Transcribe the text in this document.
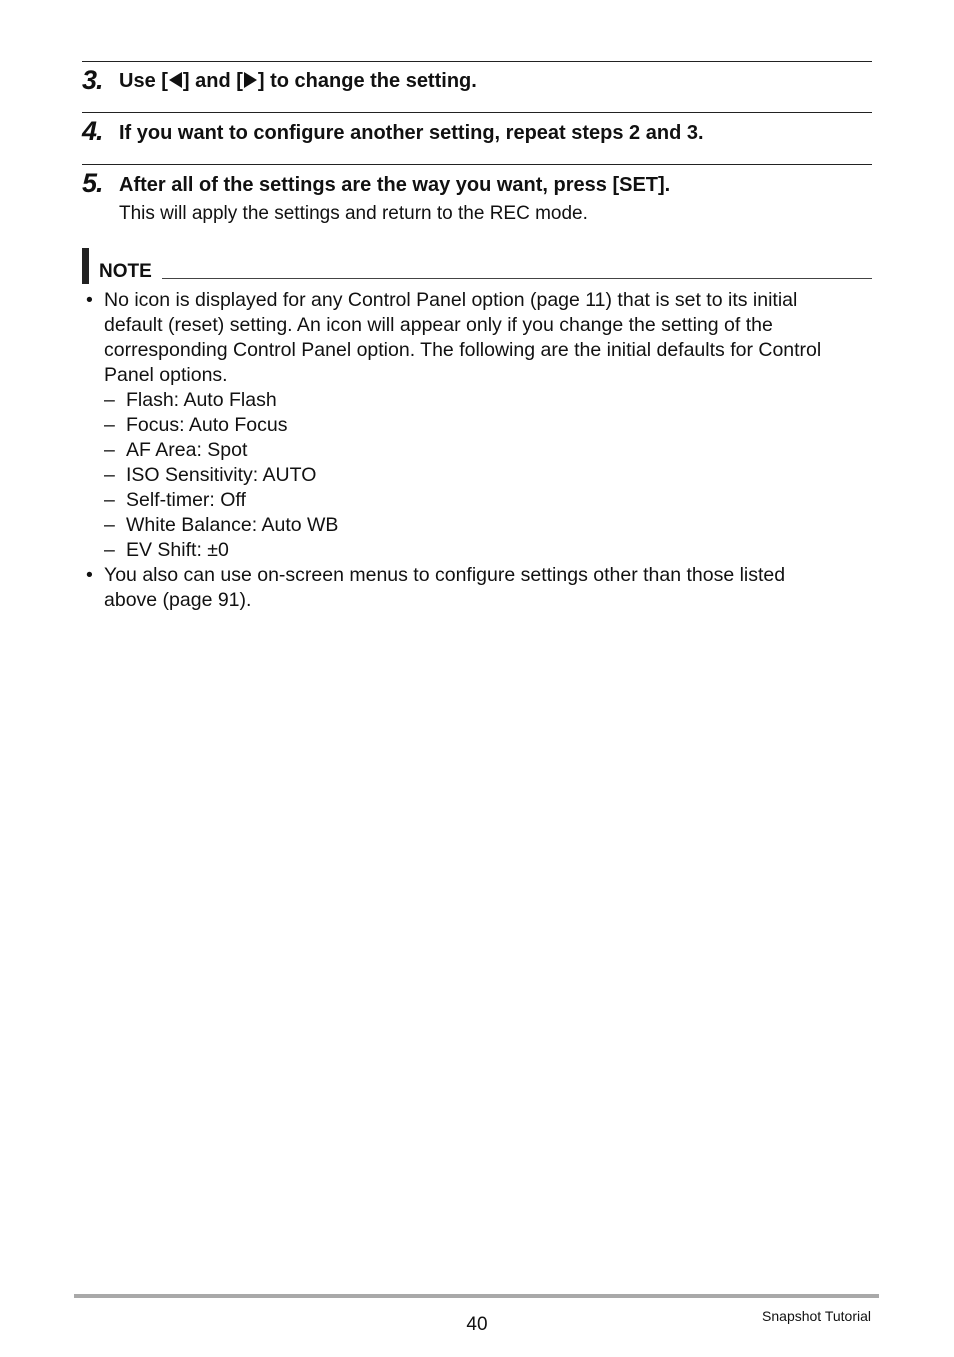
3. Use [ ] and [ ] to change the setting.
4. If you want to configure another setting, repeat steps 2 and 3.
5. After all of the settings are the way you want, press [SET].
This will apply the settings and return to the REC mode.
NOTE
• No icon is displayed for any Control Panel option (page 11) that is set to its initial
default (reset) setting. An icon will appear only if you change the setting of the
corresponding Control Panel option. The following are the initial defaults for Control
Panel options.
– Flash: Auto Flash
– Focus: Auto Focus
– AF Area: Spot
– ISO Sensitivity: AUTO
– Self-timer: Off
– White Balance: Auto WB
– EV Shift: ±0
• You also can use on-screen menus to configure settings other than those listed
above (page 91).
40	Snapshot Tutorial
